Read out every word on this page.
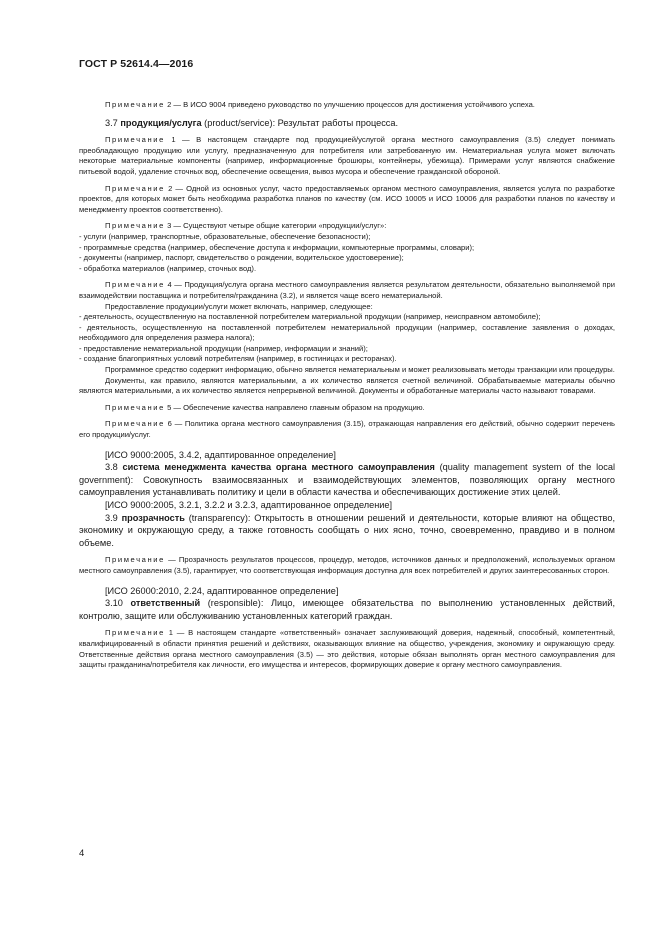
ГОСТ Р 52614.4—2016

Примечание 2 — В ИСО 9004 приведено руководство по улучшению процессов для достижения устойчивого успеха.

3.7 продукция/услуга (product/service): Результат работы процесса.

Примечание 1 — В настоящем стандарте под продукцией/услугой органа местного самоуправления (3.5) следует понимать преобладающую продукцию или услугу, предназначенную для потребителя или затребованную им. Нематериальная услуга может включать некоторые материальные компоненты (например, информационные брошюры, контейнеры, убежища). Примерами услуг являются снабжение питьевой водой, удаление сточных вод, обеспечение освещения, вывоз мусора и обеспечение гражданской обороной.

Примечание 2 — Одной из основных услуг, часто предоставляемых органом местного самоуправления, является услуга по разработке проектов, для которых может быть необходима разработка планов по качеству (см. ИСО 10005 и ИСО 10006 для разработки планов по качеству и менеджменту проектов соответственно).

Примечание 3 — Существуют четыре общие категории «продукции/услуг»:

- услуги (например, транспортные, образовательные, обеспечение безопасности);

- программные средства (например, обеспечение доступа к информации, компьютерные программы, словари);

- документы (например, паспорт, свидетельство о рождении, водительское удостоверение);

- обработка материалов (например, сточных вод).

Примечание 4 — Продукция/услуга органа местного самоуправления является результатом деятельности, обязательно выполняемой при взаимодействии поставщика и потребителя/гражданина (3.2), и является чаще всего нематериальной.

Предоставление продукции/услуги может включать, например, следующее:

- деятельность, осуществленную на поставленной потребителем материальной продукции (например, неисправном автомобиле);

- деятельность, осуществленную на поставленной потребителем нематериальной продукции (например, составление заявления о доходах, необходимого для определения размера налога);

- предоставление нематериальной продукции (например, информации и знаний);

- создание благоприятных условий потребителям (например, в гостиницах и ресторанах).

Программное средство содержит информацию, обычно является нематериальным и может реализовывать методы транзакции или процедуры.

Документы, как правило, являются материальными, а их количество является счетной величиной. Обрабатываемые материалы обычно являются материальными, а их количество является непрерывной величиной. Документы и обработанные материалы часто называют товарами.

Примечание 5 — Обеспечение качества направлено главным образом на продукцию.

Примечание 6 — Политика органа местного самоуправления (3.15), отражающая направления его действий, обычно содержит перечень его продукции/услуг.

[ИСО 9000:2005, 3.4.2, адаптированное определение]

3.8 система менеджмента качества органа местного самоуправления (quality management system of the local government): Совокупность взаимосвязанных и взаимодействующих элементов, позволяющих органу местного самоуправления устанавливать политику и цели в области качества и обеспечивающих достижение этих целей.

[ИСО 9000:2005, 3.2.1, 3.2.2 и 3.2.3, адаптированное определение]

3.9 прозрачность (transparency): Открытость в отношении решений и деятельности, которые влияют на общество, экономику и окружающую среду, а также готовность сообщать о них ясно, точно, своевременно, правдиво и в полном объеме.

Примечание — Прозрачность результатов процессов, процедур, методов, источников данных и предположений, используемых органом местного самоуправления (3.5), гарантирует, что соответствующая информация доступна для всех потребителей и других заинтересованных сторон.

[ИСО 26000:2010, 2.24, адаптированное определение]

3.10 ответственный (responsible): Лицо, имеющее обязательства по выполнению установленных действий, контролю, защите или обслуживанию установленных категорий граждан.

Примечание 1 — В настоящем стандарте «ответственный» означает заслуживающий доверия, надежный, способный, компетентный, квалифицированный в области принятия решений и действиях, оказывающих влияние на общество, учреждения, экономику и окружающую среду. Ответственные действия органа местного самоуправления (3.5) — это действия, которые обязан выполнять орган местного самоуправления для защиты гражданина/потребителя как личности, его имущества и интересов, формирующих доверие к органу местного самоуправления.

4
